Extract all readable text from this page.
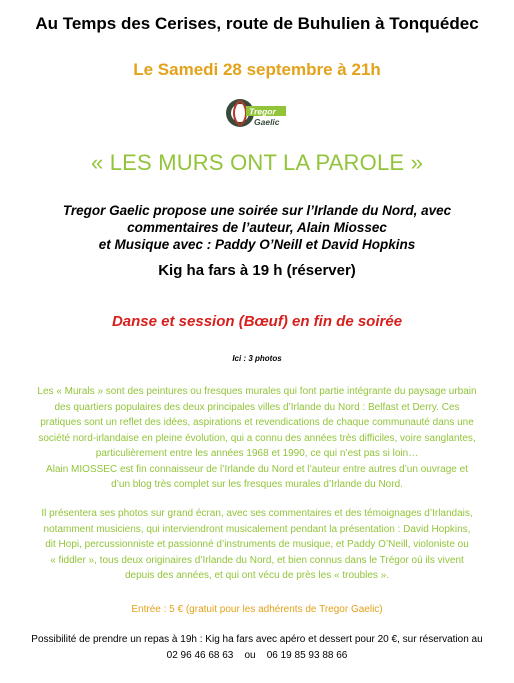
Au Temps des Cerises, route de Buhulien à Tonquédec
Le Samedi 28 septembre à 21h
Tregor
Gaelic
« LES MURS ONT LA PAROLE »
Tregor Gaelic propose une soirée sur l’Irlande du Nord, avec
commentaires de l’auteur, Alain Miossec
et Musique avec : Paddy O’Neill et David Hopkins
Kig ha fars à 19 h (réserver)
Danse et session (Bœuf) en fin de soirée
Ici : 3 photos
Les « Murals » sont des peintures ou fresques murales qui font partie intégrante du paysage urbain
des quartiers populaires des deux principales villes d’Irlande du Nord : Belfast et Derry. Ces
pratiques sont un reflet des idées, aspirations et revendications de chaque communauté dans une
société nord-irlandaise en pleine évolution, qui a connu des années très difficiles, voire sanglantes,
particulièrement entre les années 1968 et 1990, ce qui n’est pas si loin…
Alain MIOSSEC est fin connaisseur de l’Irlande du Nord et l’auteur entre autres d’un ouvrage et
d’un blog très complet sur les fresques murales d’Irlande du Nord.
Il présentera ses photos sur grand écran, avec ses commentaires et des témoignages d’Irlandais,
notamment musiciens, qui interviendront musicalement pendant la présentation : David Hopkins,
dit Hopi, percussionniste et passionné d’instruments de musique, et Paddy O’Neill, violoniste ou
« fiddler », tous deux originaires d’Irlande du Nord, et bien connus dans le Trégor où ils vivent
depuis des années, et qui ont vécu de près les « troubles ».
Entrée : 5 € (gratuit pour les adhérents de Tregor Gaelic)
Possibilité de prendre un repas à 19h : Kig ha fars avec apéro et dessert pour 20 €, sur réservation au
02 96 46 68 63    ou    06 19 85 93 88 66
